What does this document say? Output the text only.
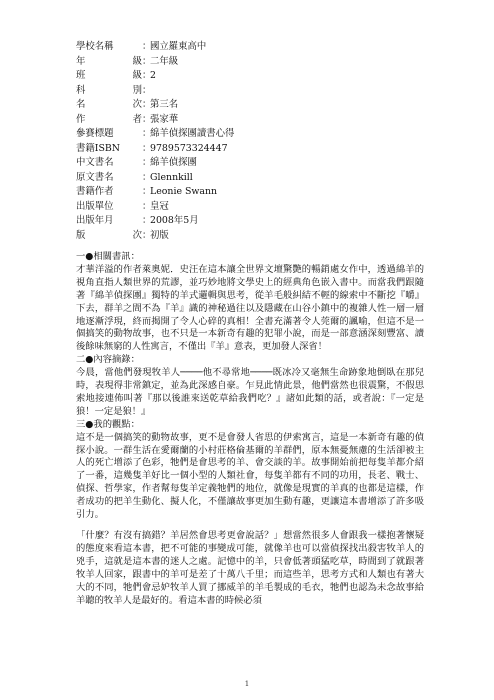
學校名稱	：
國立羅東高中
年	級 ：
二年級
班	級 ：
2
科	別 ：
名	次 ：
第三名
作	者 ：
張家華
參賽標題	：
綿羊偵探團讀書心得
書籍ISBN ：
9789573324447
中文書名	：
綿羊偵探團
原文書名	：
Glennkill
書籍作者	：
Leonie Swann
出版單位	：
皇冠
出版年月	：
2008年5月
版	次 ：
初版
一●相關書訊：
才華洋溢的作者萊奧妮．史汪在這本讓全世界文壇驚艷的暢銷處女作中，透過綿羊的視角直指人類世界的荒謬，並巧妙地將文學史上的經典角色嵌入書中。而當我們跟隨著『綿羊偵探團』獨特的羊式邏輯與思考，從羊毛般糾結不輕的線索中不斷挖『嚼』下去，群羊之間不為『羊』識的神秘過往以及隱藏在山谷小鎮中的複雜人性一層一層地逐漸浮現，終而揭開了令人心碎的真相！全書充滿著令人莞爾的諷喻，但這不是一個搞笑的動物故事，也不只是一本新奇有趣的犯罪小說，而是一部意涵深刻豐富、讀後餘味無窮的人性寓言，不僅出『羊』意表，更加發人深省！
二●內容摘錄：
今晨，當他們發現牧羊人────他不尋常地────既冰冷又毫無生命跡象地倒臥在那兒時，表現得非常鎮定，並為此深感自豪。乍見此情此景，他們當然也很震驚，不假思索地接連佈叫著『那以後誰來送乾草給我們吃？』諸如此類的話，或者說：『一定是狼！一定是狼！』
三●我的觀點：
這不是一個搞笑的動物故事，更不是會發人省思的伊索寓言，這是一本新奇有趣的偵探小說。一群生活在愛爾蘭的小村莊格倫基爾的羊群們，原本無憂無慮的生活卻被主人的死亡增添了色彩，牠們是會思考的羊、會交談的羊。故事開始前把每隻羊都介紹了一番，這幾隻羊好比一個小型的人類社會，每隻羊都有不同的功用，長老、戰士、偵探、哲學家，作者幫每隻羊定義牠們的地位，就像是現實的羊真的也都是這樣，作者成功的把羊生動化、擬人化，不僅讓故事更加生動有趣，更讓這本書增添了許多吸引力。
「什麼？有沒有搞錯？羊居然會思考更會說話？」想當然很多人會跟我一樣抱著懷疑的態度來看這本書，把不可能的事變成可能，就像羊也可以當偵探找出殺害牧羊人的兇手，這就是這本書的迷人之處。記憶中的羊，只會低著頭猛吃草，時間到了就跟著牧羊人回家，跟書中的羊可是差了十萬八千里；而這些羊，思考方式和人類也有著大大的不同，牠們會忌妒牧羊人買了挪威羊的羊毛製成的毛衣，牠們也認為未念故事給羊聽的牧羊人是最好的。看這本書的時候必須
1
